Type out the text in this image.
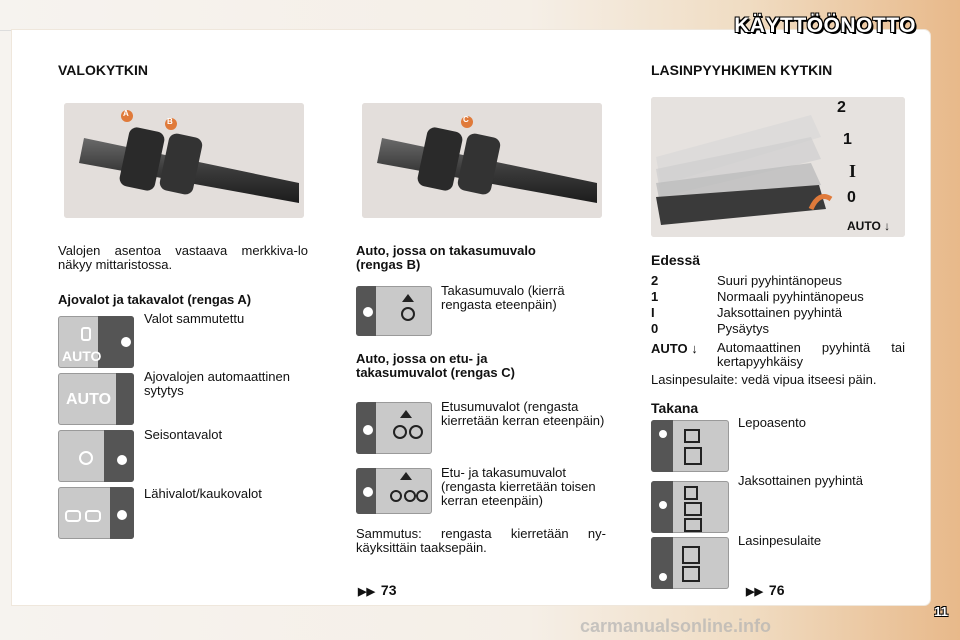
KÄYTTÖÖNOTTO
VALOKYTKIN
A
B	C
Valojen asentoa vastaava merkkiva-lo näkyy mittaristossa.
Ajovalot ja takavalot (rengas A)
AUTO
Valot sammutettu
AUTO
Ajovalojen automaattinen sytytys
Seisontavalot
Lähivalot/kaukovalot
Auto, jossa on takasumuvalo (rengas B)
Takasumuvalo (kierrä rengasta eteenpäin)
Auto, jossa on etu- ja takasumuvalot (rengas C)
Etusumuvalot (rengasta kierretään kerran eteenpäin)
Etu- ja takasumuvalot (rengasta kierretään toisen kerran eteenpäin)
Sammutus: rengasta kierretään ny-käyksittäin taaksepäin.
▶▶ 73
LASINPYYHKIMEN KYTKIN
2
1
I
0
AUTO ↓
Edessä
2	Suuri pyyhintänopeus
1	Normaali pyyhintänopeus
I	Jaksottainen pyyhintä
0	Pysäytys
AUTO ↓ Automaattinen pyyhintä tai kertapyyhkäisy
Lasinpesulaite: vedä vipua itseesi päin.
Takana
Lepoasento
Jaksottainen pyyhintä
Lasinpesulaite
▶▶ 76
11
carmanualsonline.info
